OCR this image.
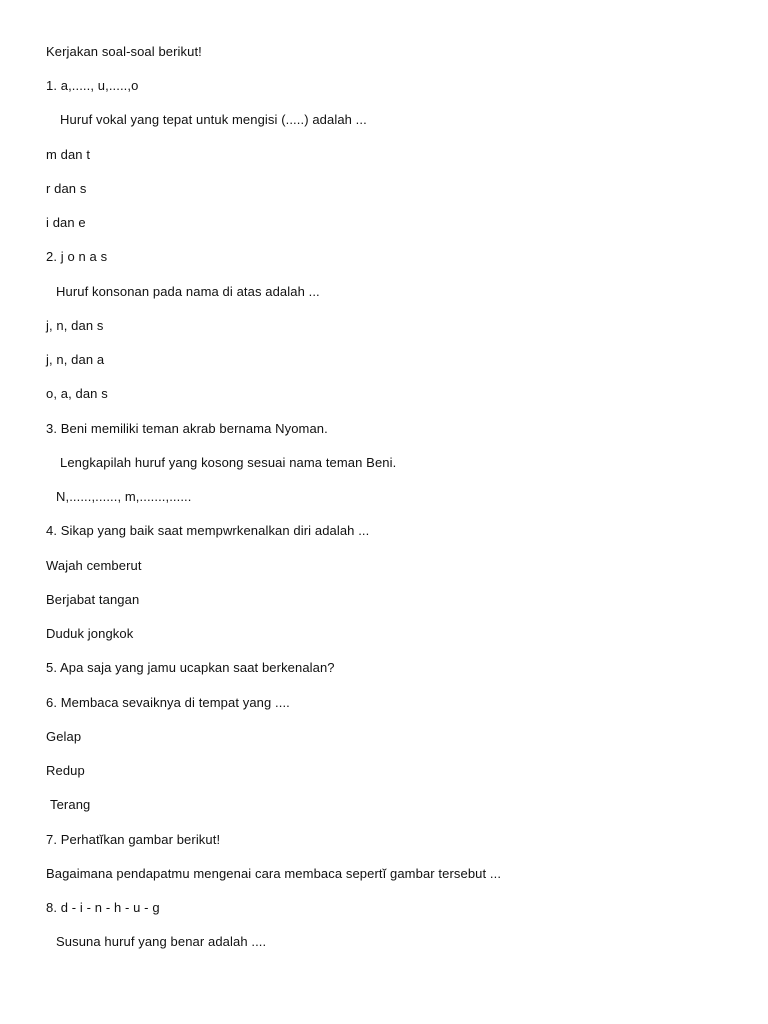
Kerjakan soal-soal berikut!
1. a,....., u,.....,o
Huruf vokal yang tepat untuk mengisi (.....) adalah ...
m dan t
r dan s
i dan e
2. j o n a s
Huruf konsonan pada nama di atas adalah ...
j, n, dan s
j, n, dan a
o, a, dan s
3. Beni memiliki teman akrab bernama Nyoman.
Lengkapilah huruf yang kosong sesuai nama teman Beni.
N,......,......, m,.......,......
4. Sikap yang baik saat mempwrkenalkan diri adalah ...
Wajah cemberut
Berjabat tangan
Duduk jongkok
5. Apa saja yang jamu ucapkan saat berkenalan?
6. Membaca sevaiknya di tempat yang ....
Gelap
Redup
Terang
7. Perhatĭkan gambar berikut!
Bagaimana pendapatmu mengenai cara membaca sepertĭ gambar tersebut ...
8. d - i - n - h - u - g
Susuna huruf yang benar adalah ....
